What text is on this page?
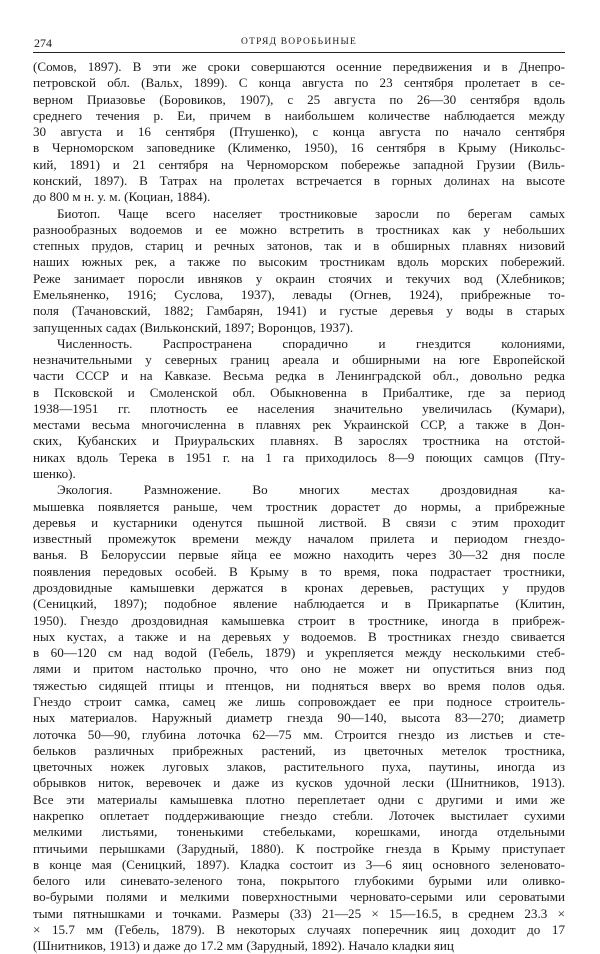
274	ОТРЯД ВОРОБЬИНЫЕ
(Сомов, 1897). В эти же сроки совершаются осенние передвижения и в Днепро-
петровской обл. (Вальх, 1899). С конца августа по 23 сентября пролетает в се-
верном Приазовье (Боровиков, 1907), с 25 августа по 26—30 сентября вдоль
среднего течения р. Еи, причем в наибольшем количестве наблюдается между
30 августа и 16 сентября (Птушенко), с конца августа по начало сентября
в Черноморском заповеднике (Клименко, 1950), 16 сентября в Крыму (Никольс-
кий, 1891) и 21 сентября на Черноморском побережье западной Грузии (Виль-
конский, 1897). В Татрах на пролетах встречается в горных долинах на высоте
до 800 м н. у. м. (Коциан, 1884).
Биотоп. Чаще всего населяет тростниковые заросли по берегам самых
разнообразных водоемов и ее можно встретить в тростниках как у небольших
степных прудов, стариц и речных затонов, так и в обширных плавнях низовий
наших южных рек, а также по высоким тростникам вдоль морских побережий.
Реже занимает поросли ивняков у окраин стоячих и текучих вод (Хлебников;
Емельяненко, 1916; Суслова, 1937), левады (Огнев, 1924), прибрежные то-
поля (Тачановский, 1882; Гамбарян, 1941) и густые деревья у воды в старых
запущенных садах (Вильконский, 1897; Воронцов, 1937).
Численность. Распространена спорадично и гнездится колониями,
незначительными у северных границ ареала и обширными на юге Европейской
части СССР и на Кавказе. Весьма редка в Ленинградской обл., довольно редка
в Псковской и Смоленской обл. Обыкновенна в Прибалтике, где за период
1938—1951 гг. плотность ее населения значительно увеличилась (Кумари),
местами весьма многочисленна в плавнях рек Украинской ССР, а также в Дон-
ских, Кубанских и Приуральских плавнях. В зарослях тростника на отстой-
никах вдоль Терека в 1951 г. на 1 га приходилось 8—9 поющих самцов (Пту-
шенко).
Экология. Размножение. Во многих местах дроздовидная ка-
мышевка появляется раньше, чем тростник дорастет до нормы, а прибрежные
деревья и кустарники оденутся пышной листвой. В связи с этим проходит
известный промежуток времени между началом прилета и периодом гнездо-
ванья. В Белоруссии первые яйца ее можно находить через 30—32 дня после
появления передовых особей. В Крыму в то время, пока подрастает тростники,
дроздовидные камышевки держатся в кронах деревьев, растущих у прудов
(Сеницкий, 1897); подобное явление наблюдается и в Прикарпатье (Клитин,
1950). Гнездо дроздовидная камышевка строит в тростнике, иногда в прибреж-
ных кустах, а также и на деревьях у водоемов. В тростниках гнездо свивается
в 60—120 см над водой (Гебель, 1879) и укрепляется между несколькими стеб-
лями и притом настолько прочно, что оно не может ни опуститься вниз под
тяжестью сидящей птицы и птенцов, ни подняться вверх во время полов одья.
Гнездо строит самка, самец же лишь сопровождает ее при подносе строитель-
ных материалов. Наружный диаметр гнезда 90—140, высота 83—270; диаметр
лоточка 50—90, глубина лоточка 62—75 мм. Строится гнездо из листьев и сте-
бельков различных прибрежных растений, из цветочных метелок тростника,
цветочных ножек луговых злаков, растительного пуха, паутины, иногда из
обрывков ниток, веревочек и даже из кусков удочной лески (Шнитников, 1913).
Все эти материалы камышевка плотно переплетает одни с другими и ими же
накрепко оплетает поддерживающие гнездо стебли. Лоточек выстилает сухими
мелкими листьями, тоненькими стебельками, корешками, иногда отдельными
птичьими перышками (Зарудный, 1880). К постройке гнезда в Крыму приступает
в конце мая (Сеницкий, 1897). Кладка состоит из 3—6 яиц основного зеленовато-
белого или синевато-зеленого тона, покрытого глубокими бурыми или оливко-
во-бурыми полями и мелкими поверхностными чернoвато-серыми или сероватыми
тыми пятнышками и точками. Размеры (33) 21—25 × 15—16.5, в среднем 23.3 ×
× 15.7 мм (Гебель, 1879). В некоторых случаях поперечник яиц доходит до 17
(Шнитников, 1913) и даже до 17.2 мм (Зарудный, 1892). Начало кладки яиц
